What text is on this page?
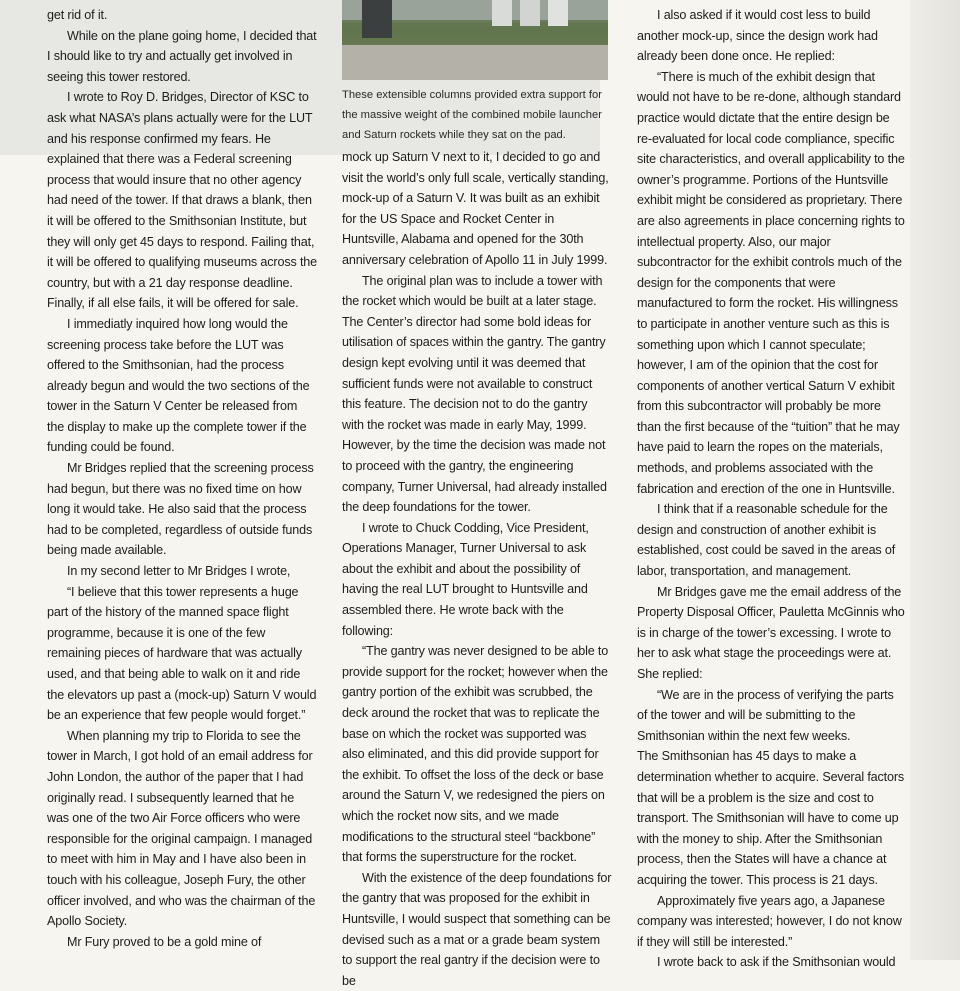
get rid of it.

While on the plane going home, I decided that I should like to try and actually get involved in seeing this tower restored.

I wrote to Roy D. Bridges, Director of KSC to ask what NASA’s plans actually were for the LUT and his response confirmed my fears. He explained that there was a Federal screening process that would insure that no other agency had need of the tower. If that draws a blank, then it will be offered to the Smithsonian Institute, but they will only get 45 days to respond. Failing that, it will be offered to qualifying museums across the country, but with a 21 day response deadline. Finally, if all else fails, it will be offered for sale.

I immediatly inquired how long would the screening process take before the LUT was offered to the Smithsonian, had the process already begun and would the two sections of the tower in the Saturn V Center be released from the display to make up the complete tower if the funding could be found.

Mr Bridges replied that the screening process had begun, but there was no fixed time on how long it would take. He also said that the process had to be completed, regardless of outside funds being made available.

In my second letter to Mr Bridges I wrote,

“I believe that this tower represents a huge part of the history of the manned space flight programme, because it is one of the few remaining pieces of hardware that was actually used, and that being able to walk on it and ride the elevators up past a (mock-up) Saturn V would be an experience that few people would forget.”

When planning my trip to Florida to see the tower in March, I got hold of an email address for John London, the author of the paper that I had originally read. I subsequently learned that he was one of the two Air Force officers who were responsible for the original campaign. I managed to meet with him in May and I have also been in touch with his colleague, Joseph Fury, the other officer involved, and who was the chairman of the Apollo Society.

Mr Fury proved to be a gold mine of

These extensible columns provided extra support for the massive weight of the combined mobile launcher and Saturn rockets while they sat on the pad.

mock up Saturn V next to it, I decided to go and visit the world’s only full scale, vertically standing, mock-up of a Saturn V. It was built as an exhibit for the US Space and Rocket Center in Huntsville, Alabama and opened for the 30th anniversary celebration of Apollo 11 in July 1999.

The original plan was to include a tower with the rocket which would be built at a later stage. The Center’s director had some bold ideas for utilisation of spaces within the gantry. The gantry design kept evolving until it was deemed that sufficient funds were not available to construct this feature. The decision not to do the gantry with the rocket was made in early May, 1999. However, by the time the decision was made not to proceed with the gantry, the engineering company, Turner Universal, had already installed the deep foundations for the tower.

I wrote to Chuck Codding, Vice President, Operations Manager, Turner Universal to ask about the exhibit and about the possibility of having the real LUT brought to Huntsville and assembled there. He wrote back with the following:

“The gantry was never designed to be able to provide support for the rocket; however when the gantry portion of the exhibit was scrubbed, the deck around the rocket that was to replicate the base on which the rocket was supported was also eliminated, and this did provide support for the exhibit. To offset the loss of the deck or base around the Saturn V, we redesigned the piers on which the rocket now sits, and we made modifications to the structural steel “backbone” that forms the superstructure for the rocket.

With the existence of the deep foundations for the gantry that was proposed for the exhibit in Huntsville, I would suspect that something can be devised such as a mat or a grade beam system to support the real gantry if the decision were to be

I also asked if it would cost less to build another mock-up, since the design work had already been done once. He replied:

“There is much of the exhibit design that would not have to be re-done, although standard practice would dictate that the entire design be re-evaluated for local code compliance, specific site characteristics, and overall applicability to the owner’s programme. Portions of the Huntsville exhibit might be considered as proprietary. There are also agreements in place concerning rights to intellectual property. Also, our major subcontractor for the exhibit controls much of the design for the components that were manufactured to form the rocket. His willingness to participate in another venture such as this is something upon which I cannot speculate; however, I am of the opinion that the cost for components of another vertical Saturn V exhibit from this subcontractor will probably be more than the first because of the “tuition” that he may have paid to learn the ropes on the materials, methods, and problems associated with the fabrication and erection of the one in Huntsville.

I think that if a reasonable schedule for the design and construction of another exhibit is established, cost could be saved in the areas of labor, transportation, and management.

Mr Bridges gave me the email address of the Property Disposal Officer, Pauletta McGinnis who is in charge of the tower’s excessing. I wrote to her to ask what stage the proceedings were at. She replied:

“We are in the process of verifying the parts of the tower and will be submitting to the Smithsonian within the next few weeks.

The Smithsonian has 45 days to make a determination whether to acquire. Several factors that will be a problem is the size and cost to transport. The Smithsonian will have to come up with the money to ship. After the Smithsonian process, then the States will have a chance at acquiring the tower. This process is 21 days.

Approximately five years ago, a Japanese company was interested; however, I do not know if they will still be interested.”

I wrote back to ask if the Smithsonian would
